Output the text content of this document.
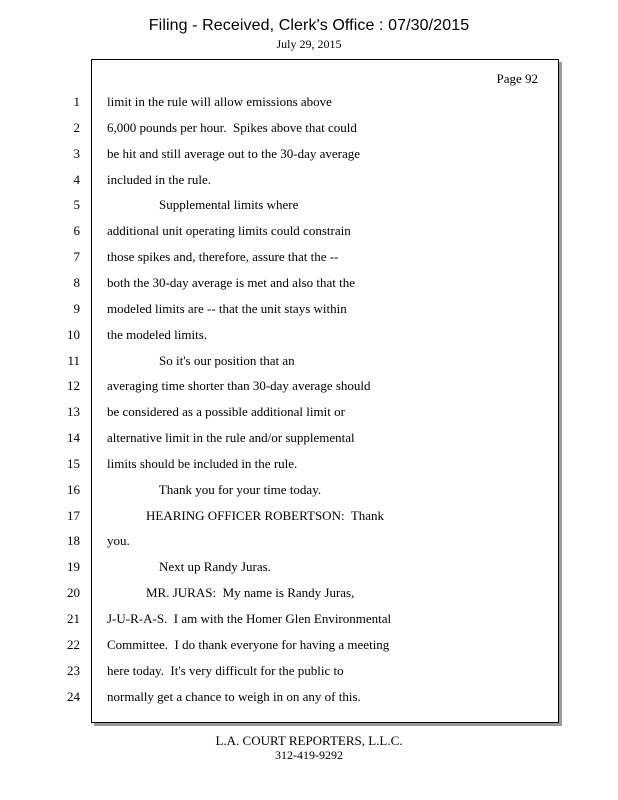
Filing - Received, Clerk's Office : 07/30/2015
July 29, 2015
Page 92
1 limit in the rule will allow emissions above
2 6,000 pounds per hour.  Spikes above that could
3 be hit and still average out to the 30-day average
4 included in the rule.
5 Supplemental limits where
6 additional unit operating limits could constrain
7 those spikes and, therefore, assure that the --
8 both the 30-day average is met and also that the
9 modeled limits are -- that the unit stays within
10 the modeled limits.
11 So it's our position that an
12 averaging time shorter than 30-day average should
13 be considered as a possible additional limit or
14 alternative limit in the rule and/or supplemental
15 limits should be included in the rule.
16 Thank you for your time today.
17 HEARING OFFICER ROBERTSON:  Thank
18 you.
19 Next up Randy Juras.
20 MR. JURAS:  My name is Randy Juras,
21 J-U-R-A-S.  I am with the Homer Glen Environmental
22 Committee.  I do thank everyone for having a meeting
23 here today.  It's very difficult for the public to
24 normally get a chance to weigh in on any of this.
L.A. COURT REPORTERS, L.L.C.
312-419-9292
